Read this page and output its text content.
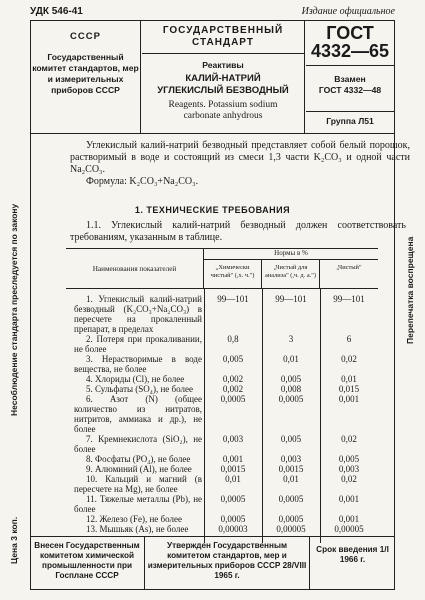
УДК 546-41	Издание официальное
Несоблюдение стандарта преследуется по закону
Цена 3 коп.
Перепечатка воспрещена
СССР
Государственный комитет стандартов, мер и измерительных приборов СССР
ГОСУДАРСТВЕННЫЙ
СТАНДАРТ
Реактивы
КАЛИЙ-НАТРИЙ
УГЛЕКИСЛЫЙ БЕЗВОДНЫЙ
Reagents. Potassium sodium
carbonate anhydrous
ГОСТ
4332—65
Взамен
ГОСТ 4332—48
Группа Л51
Внесен Государственным комитетом химической промышленности при Госплане СССР
Утвержден Государственным комитетом стандартов, мер и измерительных приборов СССР 28/VIII 1965 г.
Срок введения 1/I 1966 г.

Углекислый калий-натрий безводный представляет собой белый порошок, растворимый в воде и состоящий из смеси 1,3 части K₂CO₃ и одной части Na₂CO₃.

Формула: K₂CO₃+Na₂CO₃.
1. ТЕХНИЧЕСКИЕ ТРЕБОВАНИЯ
1.1. Углекислый калий-натрий безводный должен соответствовать требованиям, указанным в таблице.
Наименования показателей
Нормы в %
„Химически чистый" (,х. ч.")
„Чистый для анализа" (,ч. д. а.")
„Чистый"
1. Углекислый калий-натрий безводный (K₂CO₃+Na₂CO₃) в пересчете на прокаленный препарат, в пределах
99—101	99—101	99—101
2. Потеря при прокаливании, не более
0,8	3	6
3. Нерастворимые в воде вещества, не более
0,005	0,01	0,02
4. Хлориды (Cl), не более	0,002	0,005	0,01
5. Сульфаты (SO₄), не более	0,002	0,008	0,015
6. Азот (N) (общее количество из нитратов, нитритов, аммиака и др.), не более
0,0005	0,0005	0,001
7. Кремнекислота (SiO₂), не более
0,003	0,005	0,02
8. Фосфаты (PO₄), не более	0,001	0,003	0,005
9. Алюминий (Al), не более	0,0015	0,0015	0,003
10. Кальций и магний (в пересчете на Mg), не более
0,01	0,01	0,02
11. Тяжелые металлы (Pb), не более
0,0005	0,0005	0,001
12. Железо (Fe), не более	0,0005	0,0005	0,001
13. Мышьяк (As), не более	0,00003	0,00005	0,00005
